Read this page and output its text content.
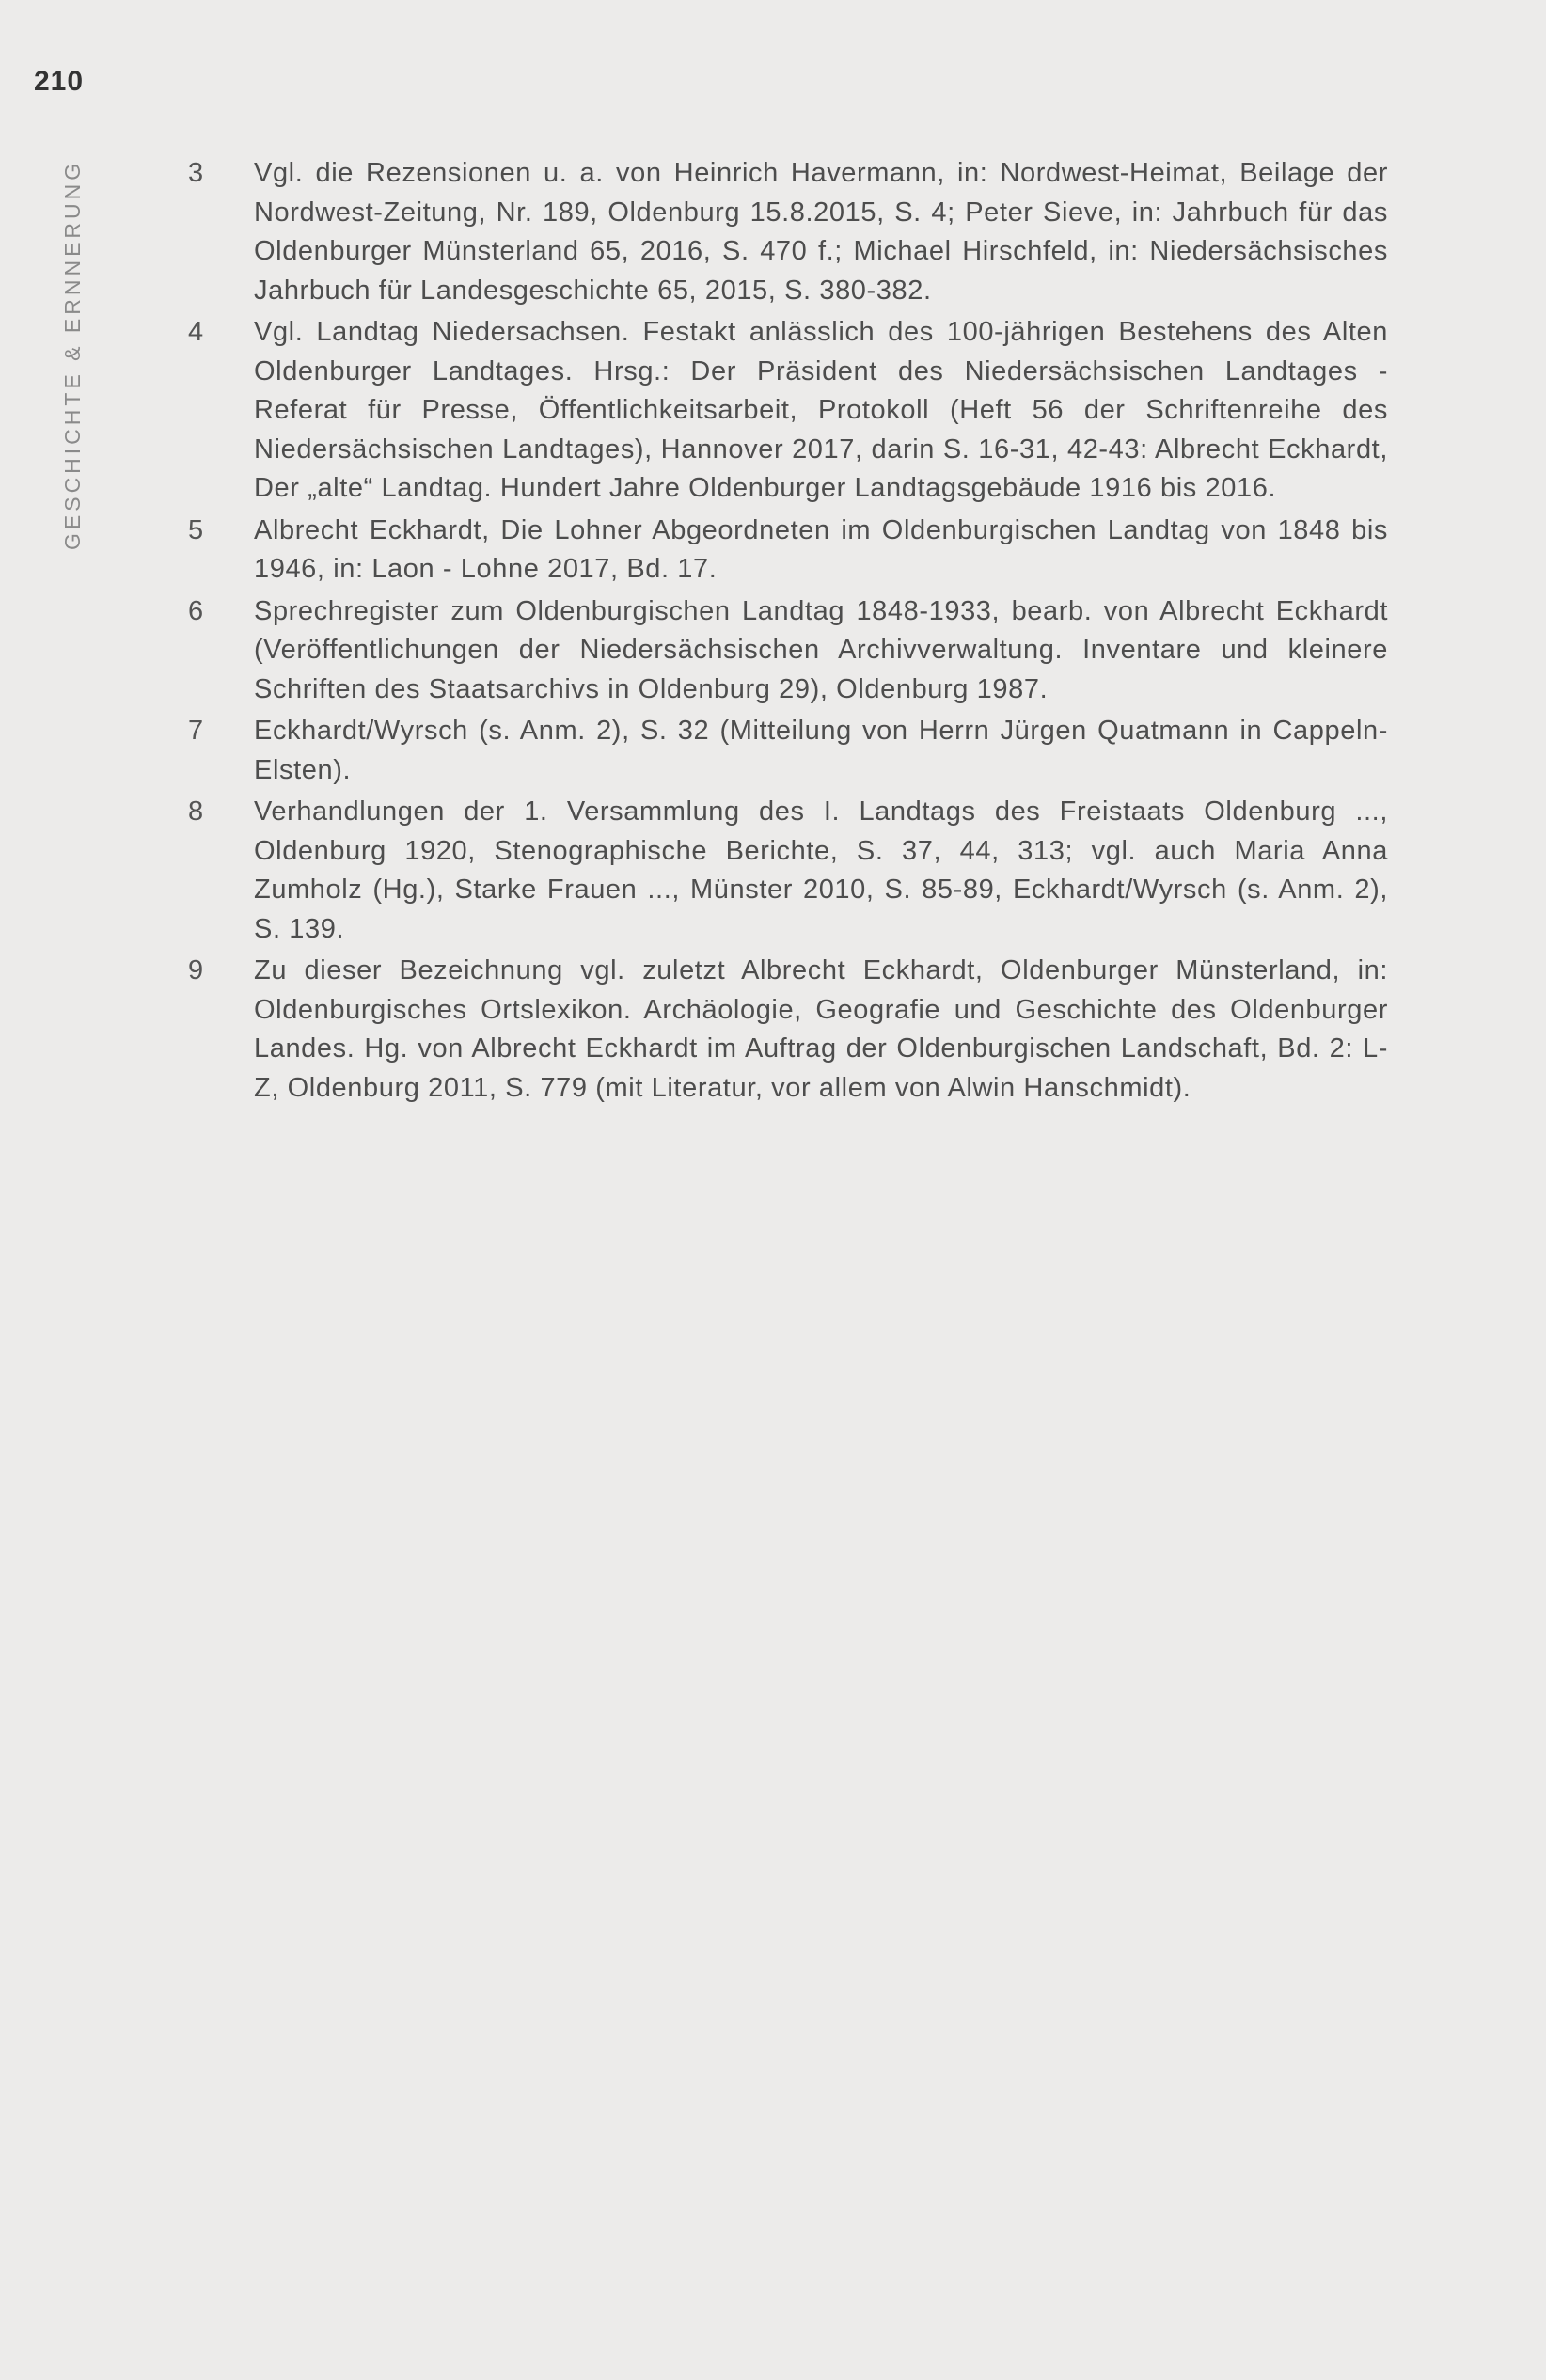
210
GESCHICHTE & ERNNERUNG	3	Vgl. die Rezensionen u. a. von Heinrich Havermann, in: Nordwest-Heimat, Beilage der Nordwest-Zeitung, Nr. 189, Oldenburg 15.8.2015, S. 4; Peter Sieve, in: Jahrbuch für das Oldenburger Münsterland 65, 2016, S. 470 f.; Michael Hirschfeld, in: Niedersächsisches Jahrbuch für Landesgeschichte 65, 2015, S. 380-382.
4	Vgl. Landtag Niedersachsen. Festakt anlässlich des 100-jährigen Bestehens des Alten Oldenburger Landtages. Hrsg.: Der Präsident des Niedersächsischen Landtages - Referat für Presse, Öffentlichkeitsarbeit, Protokoll (Heft 56 der Schriftenreihe des Niedersächsischen Landtages), Hannover 2017, darin S. 16-31, 42-43: Albrecht Eckhardt, Der „alte“ Landtag. Hundert Jahre Oldenburger Landtagsgebäude 1916 bis 2016.
5	Albrecht Eckhardt, Die Lohner Abgeordneten im Oldenburgischen Landtag von 1848 bis 1946, in: Laon - Lohne 2017, Bd. 17.
6	Sprechregister zum Oldenburgischen Landtag 1848-1933, bearb. von Albrecht Eckhardt (Veröffentlichungen der Niedersächsischen Archivverwaltung. Inventare und kleinere Schriften des Staatsarchivs in Oldenburg 29), Oldenburg 1987.
7	Eckhardt/Wyrsch (s. Anm. 2), S. 32 (Mitteilung von Herrn Jürgen Quatmann in Cappeln-Elsten).
8	Verhandlungen der 1. Versammlung des I. Landtags des Freistaats Oldenburg ..., Oldenburg 1920, Stenographische Berichte, S. 37, 44, 313; vgl. auch Maria Anna Zumholz (Hg.), Starke Frauen ..., Münster 2010, S. 85-89, Eckhardt/Wyrsch (s. Anm. 2), S. 139.
9	Zu dieser Bezeichnung vgl. zuletzt Albrecht Eckhardt, Oldenburger Münsterland, in: Oldenburgisches Ortslexikon. Archäologie, Geografie und Geschichte des Oldenburger Landes. Hg. von Albrecht Eckhardt im Auftrag der Oldenburgischen Landschaft, Bd. 2: L-Z, Oldenburg 2011, S. 779 (mit Literatur, vor allem von Alwin Hanschmidt).
